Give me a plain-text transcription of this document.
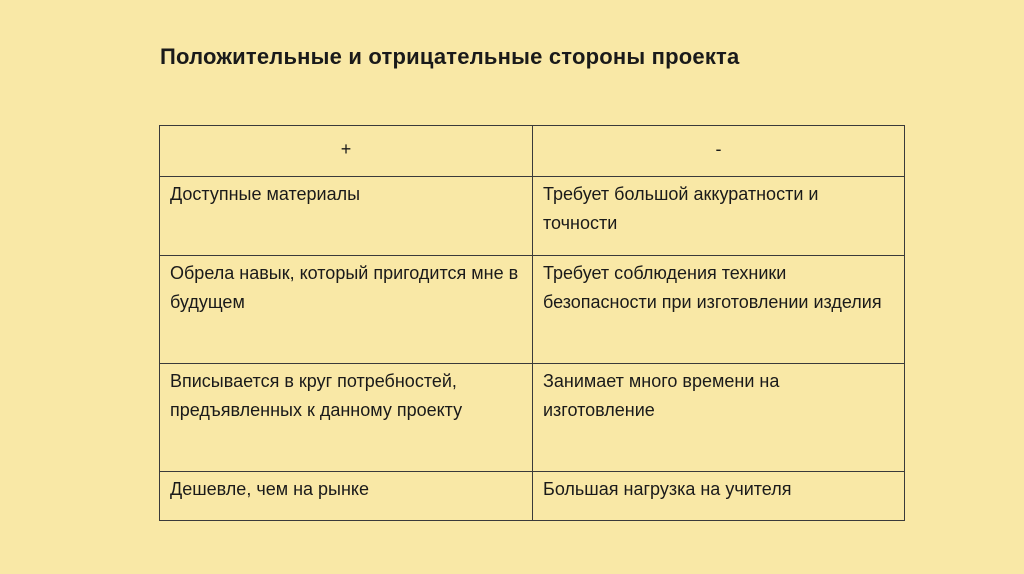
Положительные и отрицательные стороны проекта
+	-
Доступные материалы	Требует большой аккуратности и точности
Обрела навык, который пригодится мне в будущем	Требует соблюдения техники безопасности при изготовлении изделия
Вписывается в круг потребностей, предъявленных к данному проекту	Занимает много времени на изготовление
Дешевле, чем на рынке	Большая нагрузка на учителя
